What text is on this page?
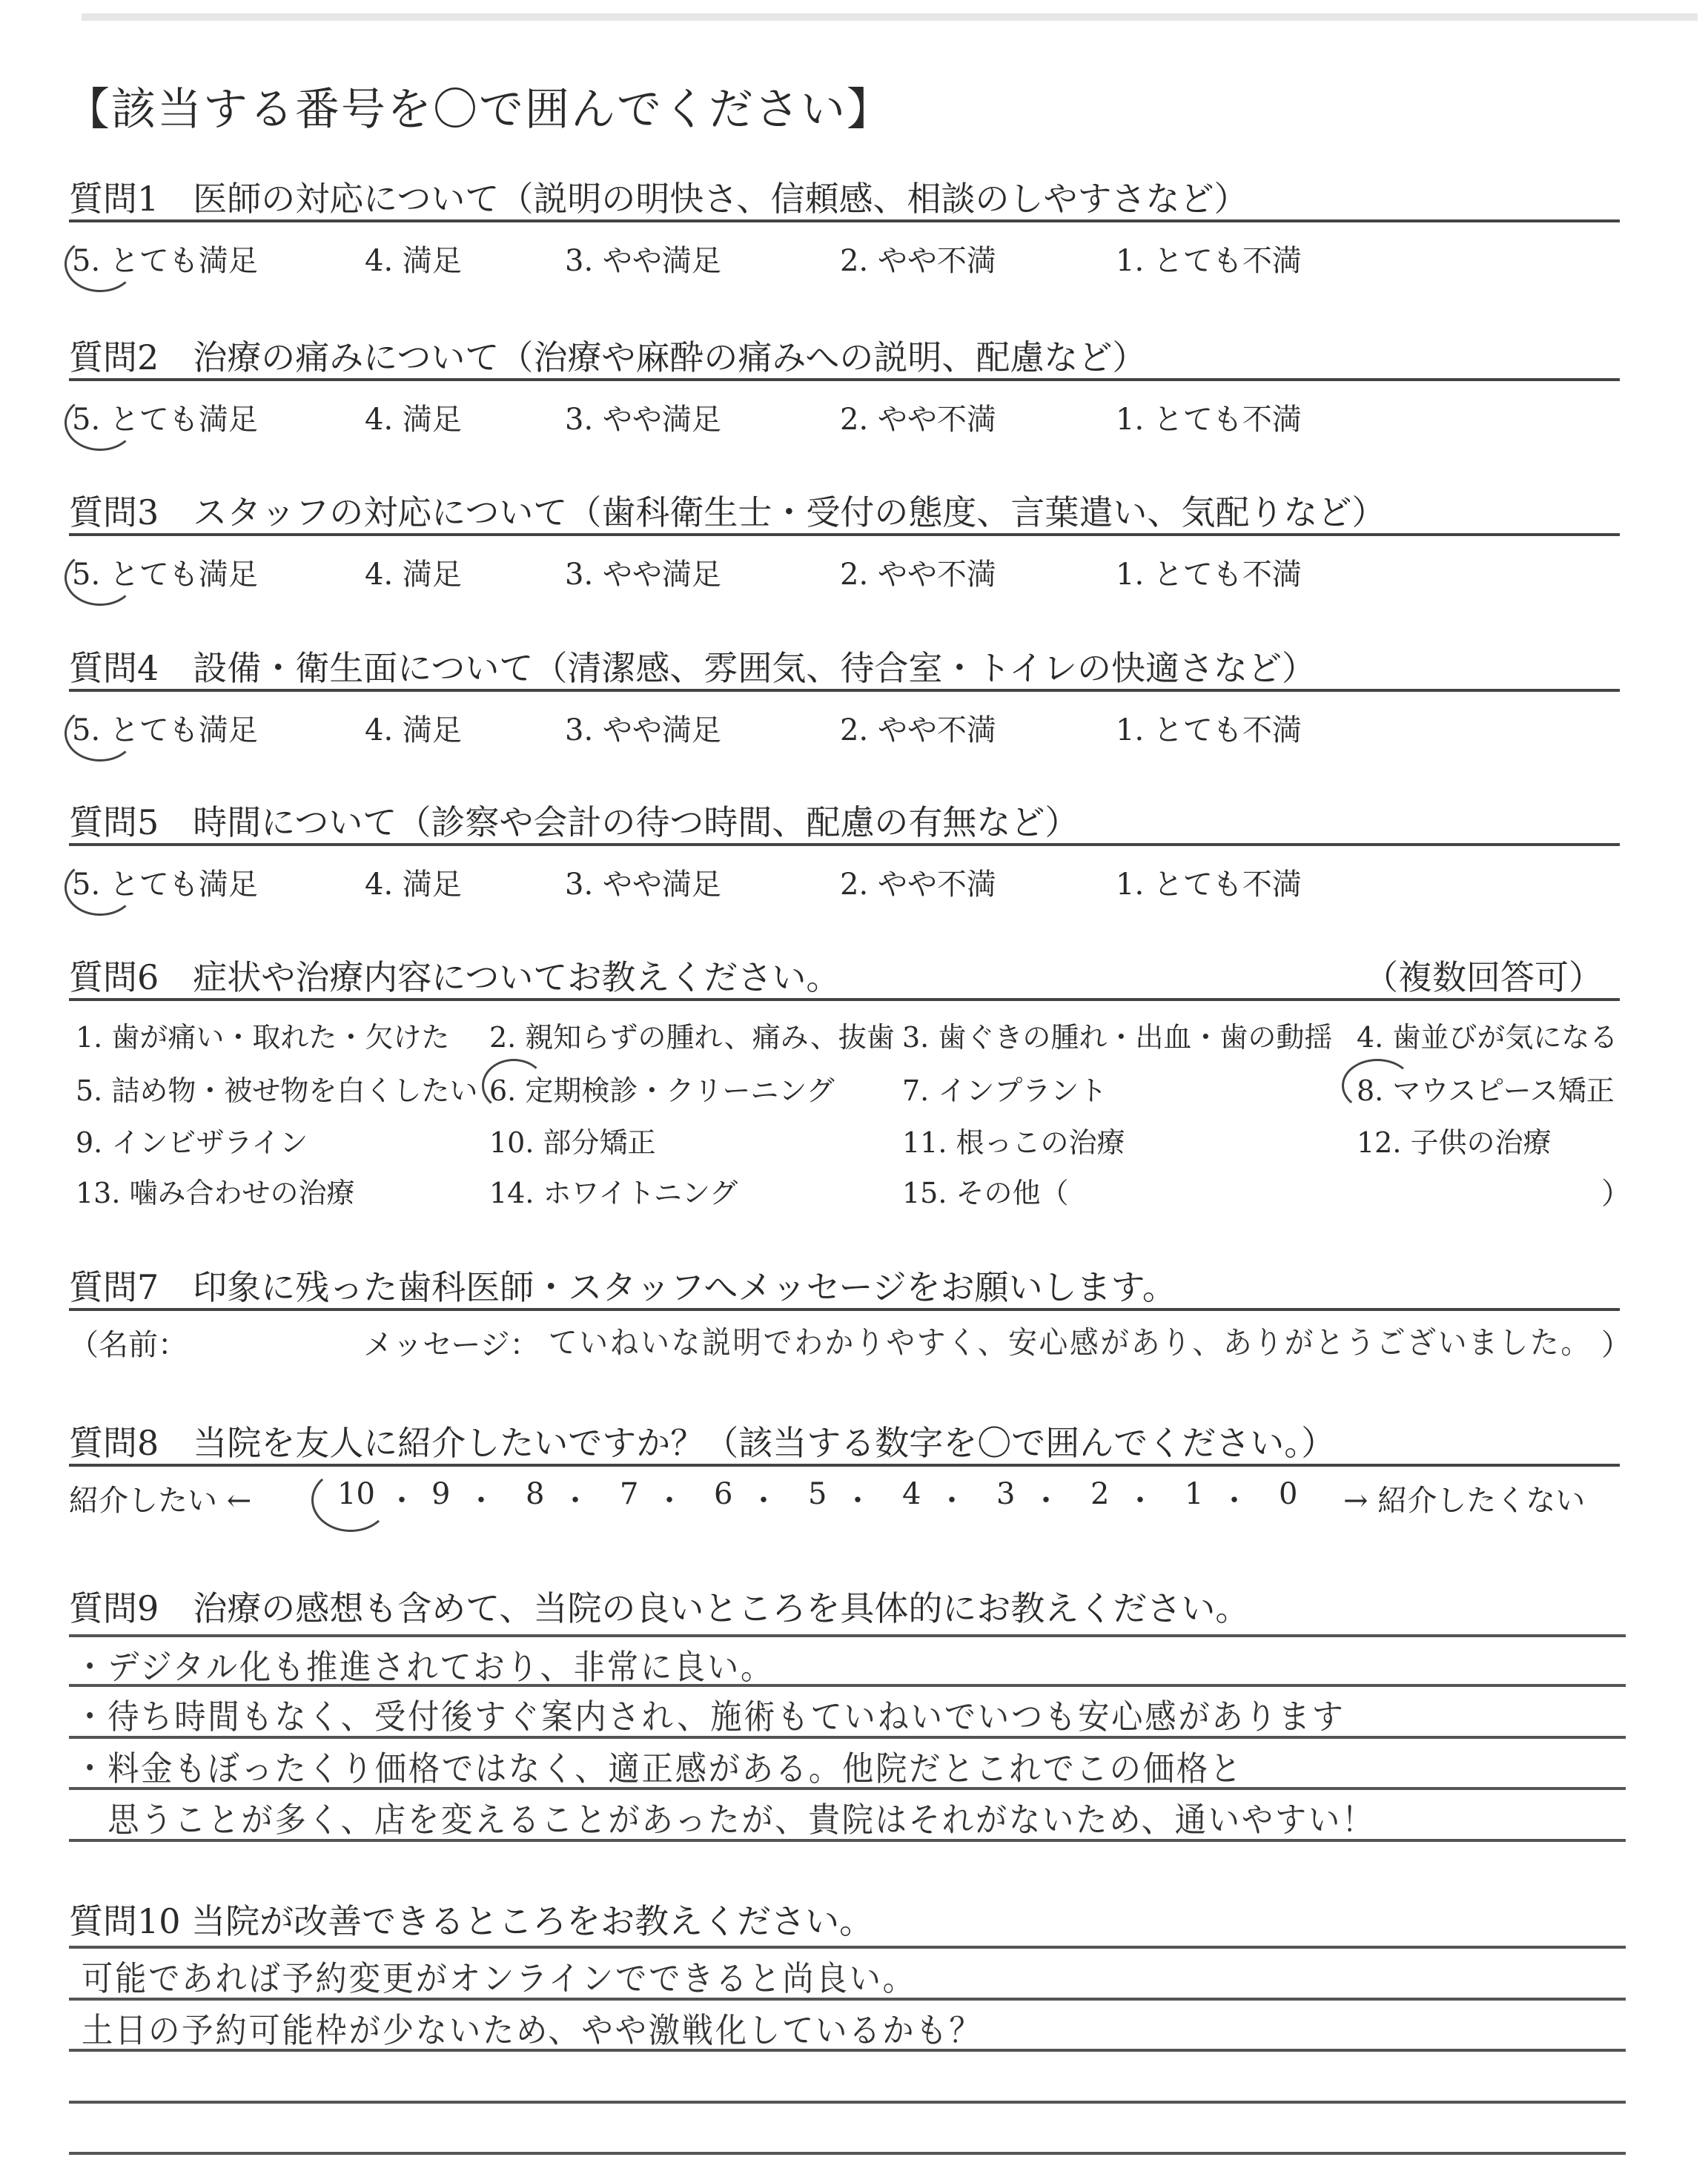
【該当する番号を〇で囲んでください】
質問1　医師の対応について（説明の明快さ、信頼感、相談のしやすさなど）
5. とても満足	4. 満足	3. やや満足	2. やや不満	1. とても不満
質問2　治療の痛みについて（治療や麻酔の痛みへの説明、配慮など）
5. とても満足	4. 満足	3. やや満足	2. やや不満	1. とても不満
質問3　スタッフの対応について（歯科衛生士・受付の態度、言葉遣い、気配りなど）
5. とても満足	4. 満足	3. やや満足	2. やや不満	1. とても不満
質問4　設備・衛生面について（清潔感、雰囲気、待合室・トイレの快適さなど）
5. とても満足	4. 満足	3. やや満足	2. やや不満	1. とても不満
質問5　時間について（診察や会計の待つ時間、配慮の有無など）
5. とても満足	4. 満足	3. やや満足	2. やや不満	1. とても不満
質問6　症状や治療内容についてお教えください。	（複数回答可）
1. 歯が痛い・取れた・欠けた 2. 親知らずの腫れ、痛み、抜歯 3. 歯ぐきの腫れ・出血・歯の動揺 4. 歯並びが気になる
5. 詰め物・被せ物を白くしたい 6. 定期検診・クリーニング 7. インプラント	8. マウスピース矯正
9. インビザライン	10. 部分矯正	11. 根っこの治療	12. 子供の治療
13. 噛み合わせの治療	14. ホワイトニング	15. その他（	）
質問7　印象に残った歯科医師・スタッフへメッセージをお願いします。
（名前：	メッセージ： ていねいな説明でわかりやすく、安心感があり、ありがとうございました。 ）
質問8　当院を友人に紹介したいですか？（該当する数字を〇で囲んでください。）
紹介したい ←	→ 紹介したくない
10 ・ 9 ・ 8 ・ 7 ・ 6 ・ 5 ・ 4 ・ 3 ・ 2 ・ 1 ・ 0
質問9　治療の感想も含めて、当院の良いところを具体的にお教えください。
・デジタル化も推進されており、非常に良い。
・待ち時間もなく、受付後すぐ案内され、施術もていねいでいつも安心感があります
・料金もぼったくり価格ではなく、適正感がある。他院だとこれでこの価格と
　思うことが多く、店を変えることがあったが、貴院はそれがないため、通いやすい！
質問10 当院が改善できるところをお教えください。
可能であれば予約変更がオンラインでできると尚良い。
土日の予約可能枠が少ないため、やや激戦化しているかも？
